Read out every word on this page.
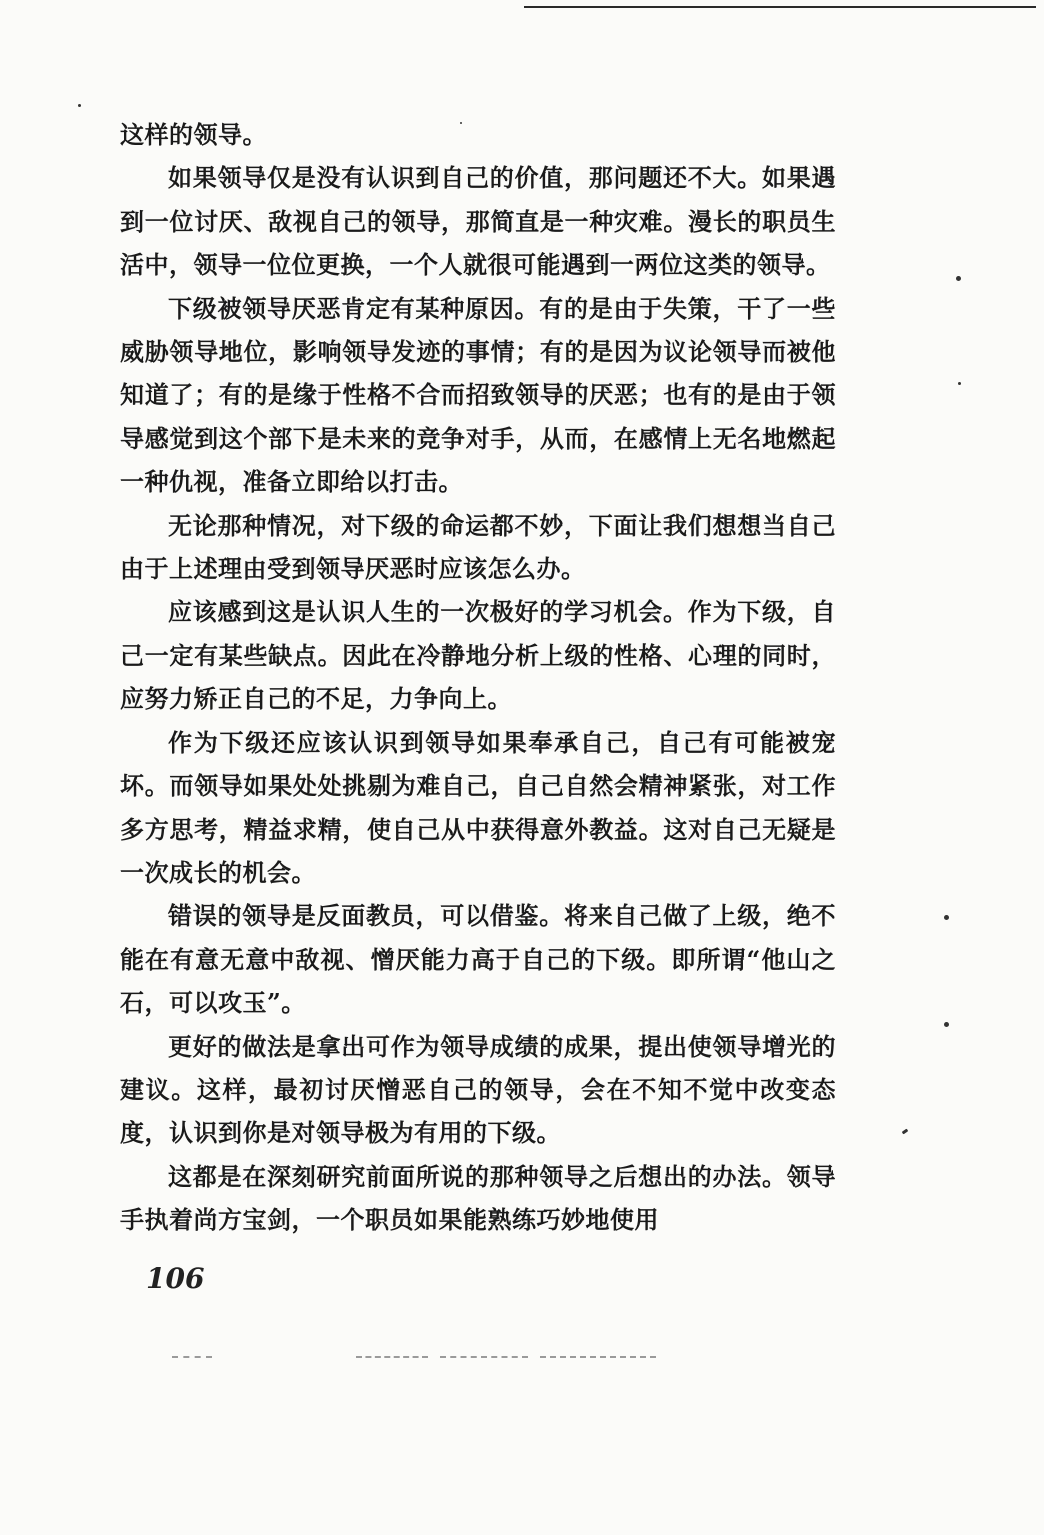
这样的领导。

如果领导仅是没有认识到自己的价值，那问题还不大。如果遇到一位讨厌、敌视自己的领导，那简直是一种灾难。漫长的职员生活中，领导一位位更换，一个人就很可能遇到一两位这类的领导。

下级被领导厌恶肯定有某种原因。有的是由于失策，干了一些威胁领导地位，影响领导发迹的事情；有的是因为议论领导而被他知道了；有的是缘于性格不合而招致领导的厌恶；也有的是由于领导感觉到这个部下是未来的竞争对手，从而，在感情上无名地燃起一种仇视，准备立即给以打击。

无论那种情况，对下级的命运都不妙，下面让我们想想当自己由于上述理由受到领导厌恶时应该怎么办。

应该感到这是认识人生的一次极好的学习机会。作为下级，自己一定有某些缺点。因此在冷静地分析上级的性格、心理的同时，应努力矫正自己的不足，力争向上。

作为下级还应该认识到领导如果奉承自己，自己有可能被宠坏。而领导如果处处挑剔为难自己，自己自然会精神紧张，对工作多方思考，精益求精，使自己从中获得意外教益。这对自己无疑是一次成长的机会。

错误的领导是反面教员，可以借鉴。将来自己做了上级，绝不能在有意无意中敌视、憎厌能力高于自己的下级。即所谓“他山之石，可以攻玉”。

更好的做法是拿出可作为领导成绩的成果，提出使领导增光的建议。这样，最初讨厌憎恶自己的领导，会在不知不觉中改变态度，认识到你是对领导极为有用的下级。

这都是在深刻研究前面所说的那种领导之后想出的办法。领导手执着尚方宝剑，一个职员如果能熟练巧妙地使用

106
